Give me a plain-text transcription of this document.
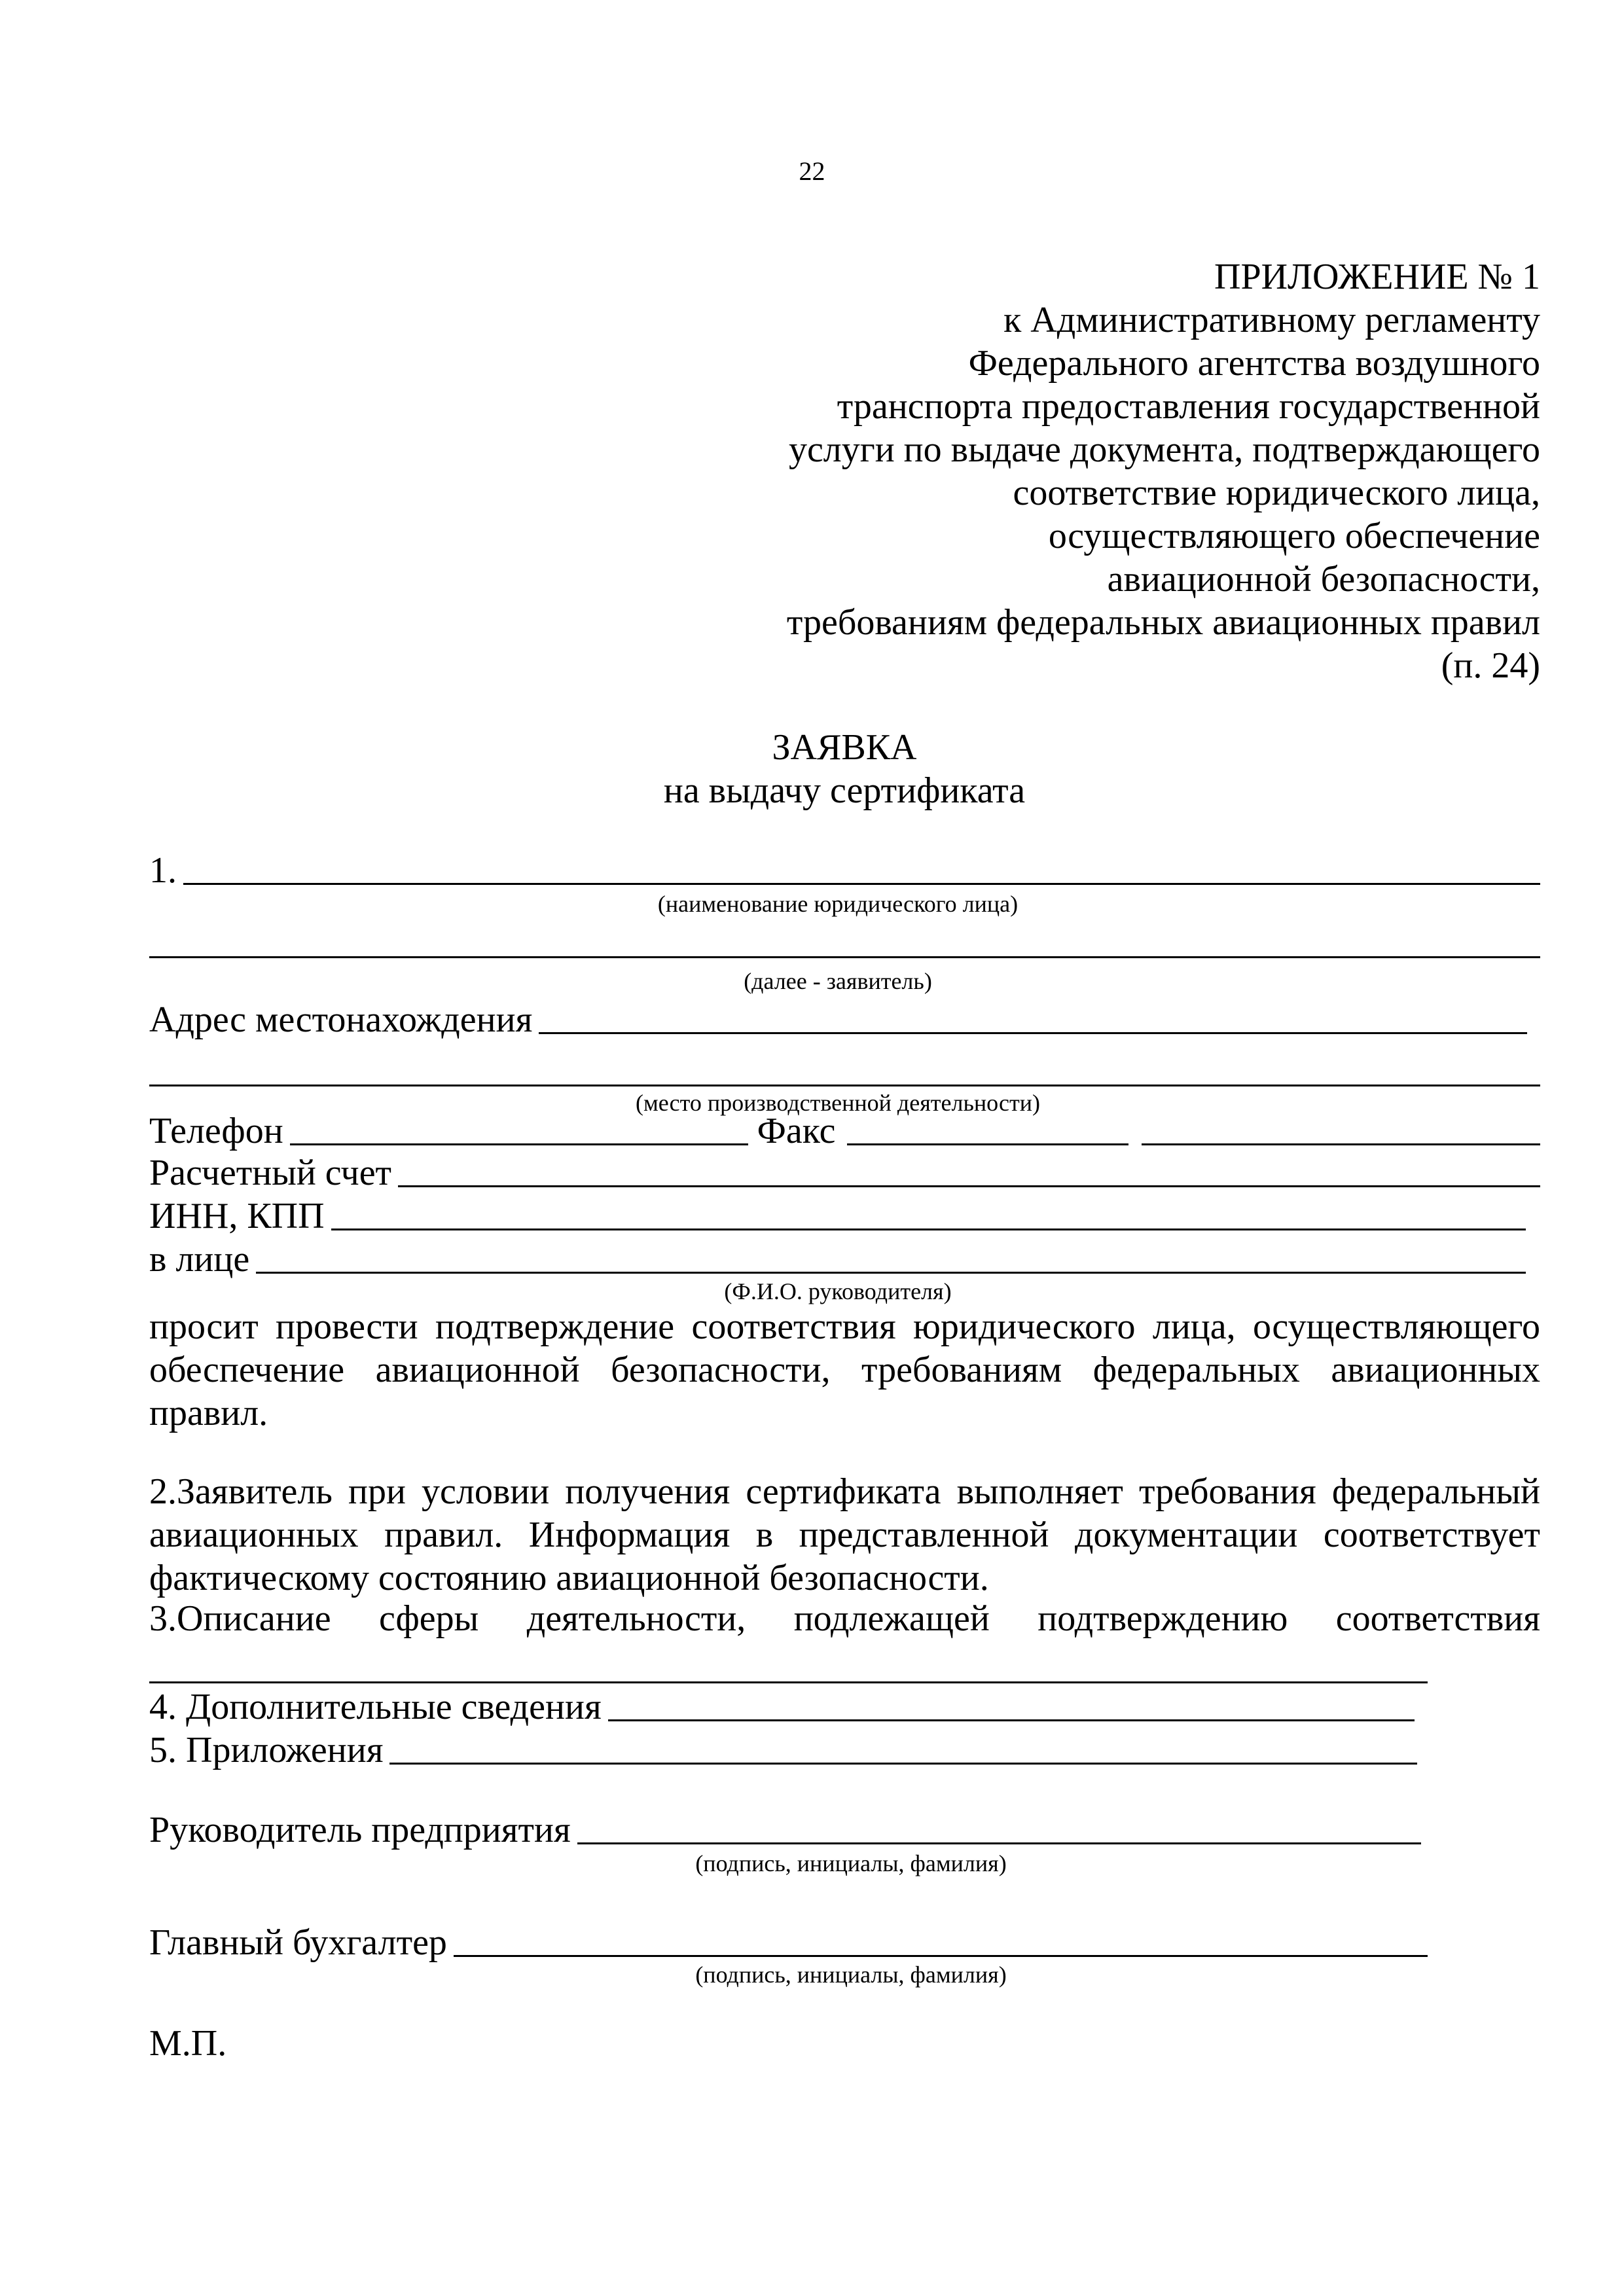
22
ПРИЛОЖЕНИЕ № 1
к Административному регламенту
Федерального агентства воздушного
транспорта предоставления государственной
услуги по выдаче документа, подтверждающего
соответствие юридического лица,
осуществляющего обеспечение
авиационной безопасности,
требованиям федеральных авиационных правил
(п. 24)
ЗАЯВКА
на выдачу сертификата
1.
(наименование юридического лица)
(далее - заявитель)
Адрес местонахождения
(место производственной деятельности)
Телефон	Факс
Расчетный счет
ИНН, КПП
в лице
(Ф.И.О. руководителя)
просит провести подтверждение соответствия юридического лица, осуществляющего
обеспечение авиационной безопасности, требованиям федеральных авиационных
правил.
2.Заявитель при условии получения сертификата выполняет требования федеральный
авиационных правил. Информация в представленной документации соответствует
фактическому состоянию авиационной безопасности.
3.Описание сферы деятельности, подлежащей подтверждению соответствия
4. Дополнительные сведения
5. Приложения
Руководитель предприятия
(подпись, инициалы, фамилия)
Главный бухгалтер
(подпись, инициалы, фамилия)
М.П.
